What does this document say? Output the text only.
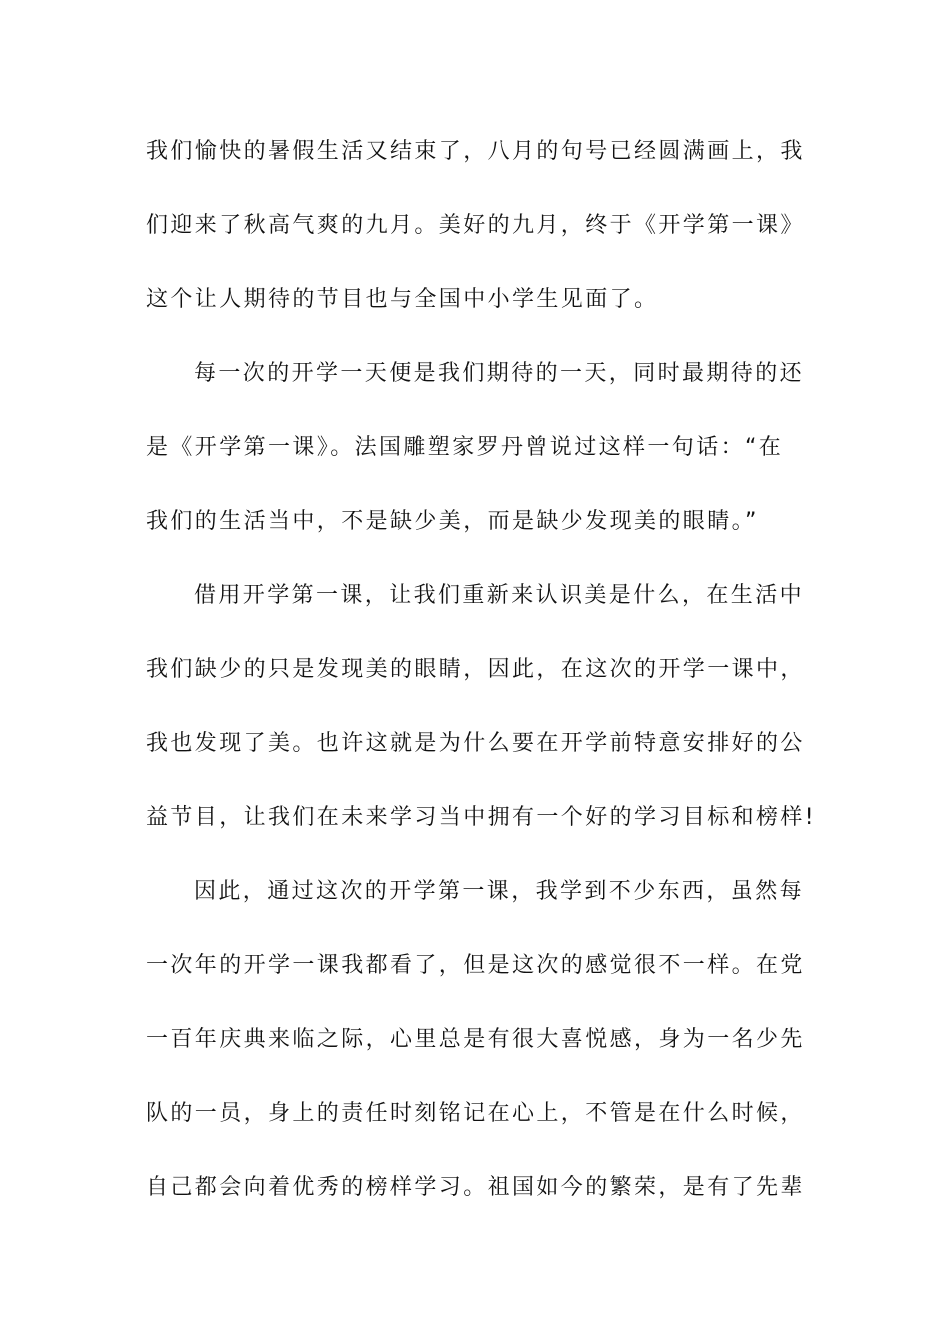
我们愉快的暑假生活又结束了，八月的句号已经圆满画上，我
们迎来了秋高气爽的九月。美好的九月，终于《开学第一课》
这个让人期待的节目也与全国中小学生见面了。
每一次的开学一天便是我们期待的一天，同时最期待的还
是《开学第一课》。法国雕塑家罗丹曾说过这样一句话：“在
我们的生活当中，不是缺少美，而是缺少发现美的眼睛。”
借用开学第一课，让我们重新来认识美是什么，在生活中
我们缺少的只是发现美的眼睛，因此，在这次的开学一课中，
我也发现了美。也许这就是为什么要在开学前特意安排好的公
益节目，让我们在未来学习当中拥有一个好的学习目标和榜样!
因此，通过这次的开学第一课，我学到不少东西，虽然每
一次年的开学一课我都看了，但是这次的感觉很不一样。在党
一百年庆典来临之际，心里总是有很大喜悦感，身为一名少先
队的一员，身上的责任时刻铭记在心上，不管是在什么时候，
自己都会向着优秀的榜样学习。祖国如今的繁荣，是有了先辈
